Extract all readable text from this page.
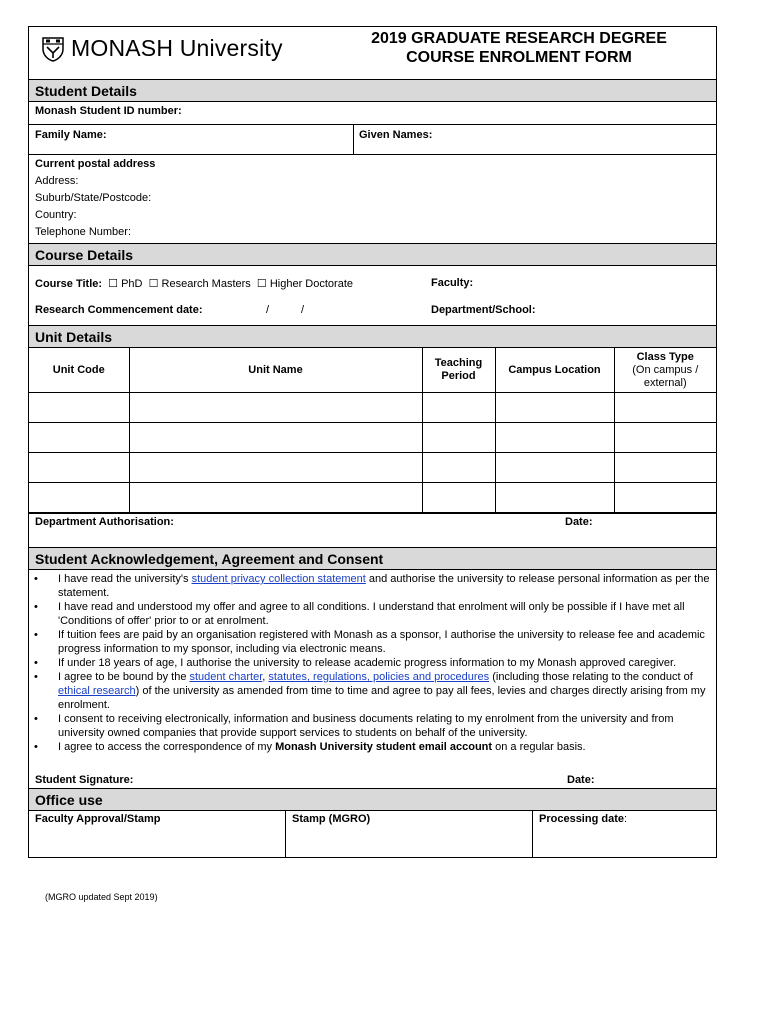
MONASH University	2019 GRADUATE RESEARCH DEGREE
COURSE ENROLMENT FORM
Student Details
Monash Student ID number:
Family Name:	Given Names:
Current postal address
Address:
Suburb/State/Postcode:
Country:
Telephone Number:
Course Details
Course Title:  ☐ PhD  ☐ Research Masters  ☐ Higher Doctorate	Faculty:
Research Commencement date:	/	/	Department/School:
Unit Details
Unit Code	Unit Name	Teaching Period	Campus Location	Class Type
(On campus / external)

Department Authorisation:	Date:
Student Acknowledgement, Agreement and Consent
• I have read the university's student privacy collection statement and authorise the university to release personal information as per the statement.
• I have read and understood my offer and agree to all conditions. I understand that enrolment will only be possible if I have met all 'Conditions of offer' prior to or at enrolment.
• If tuition fees are paid by an organisation registered with Monash as a sponsor, I authorise the university to release fee and academic progress information to my sponsor, including via electronic means.
• If under 18 years of age, I authorise the university to release academic progress information to my Monash approved caregiver.
• I agree to be bound by the student charter, statutes, regulations, policies and procedures (including those relating to the conduct of ethical research) of the university as amended from time to time and agree to pay all fees, levies and charges directly arising from my enrolment.
• I consent to receiving electronically, information and business documents relating to my enrolment from the university and from university owned companies that provide support services to students on behalf of the university.
• I agree to access the correspondence of my Monash University student email account on a regular basis.
Student Signature:	Date:
Office use
Faculty Approval/Stamp	Stamp (MGRO)	Processing date:
(MGRO updated Sept 2019)
